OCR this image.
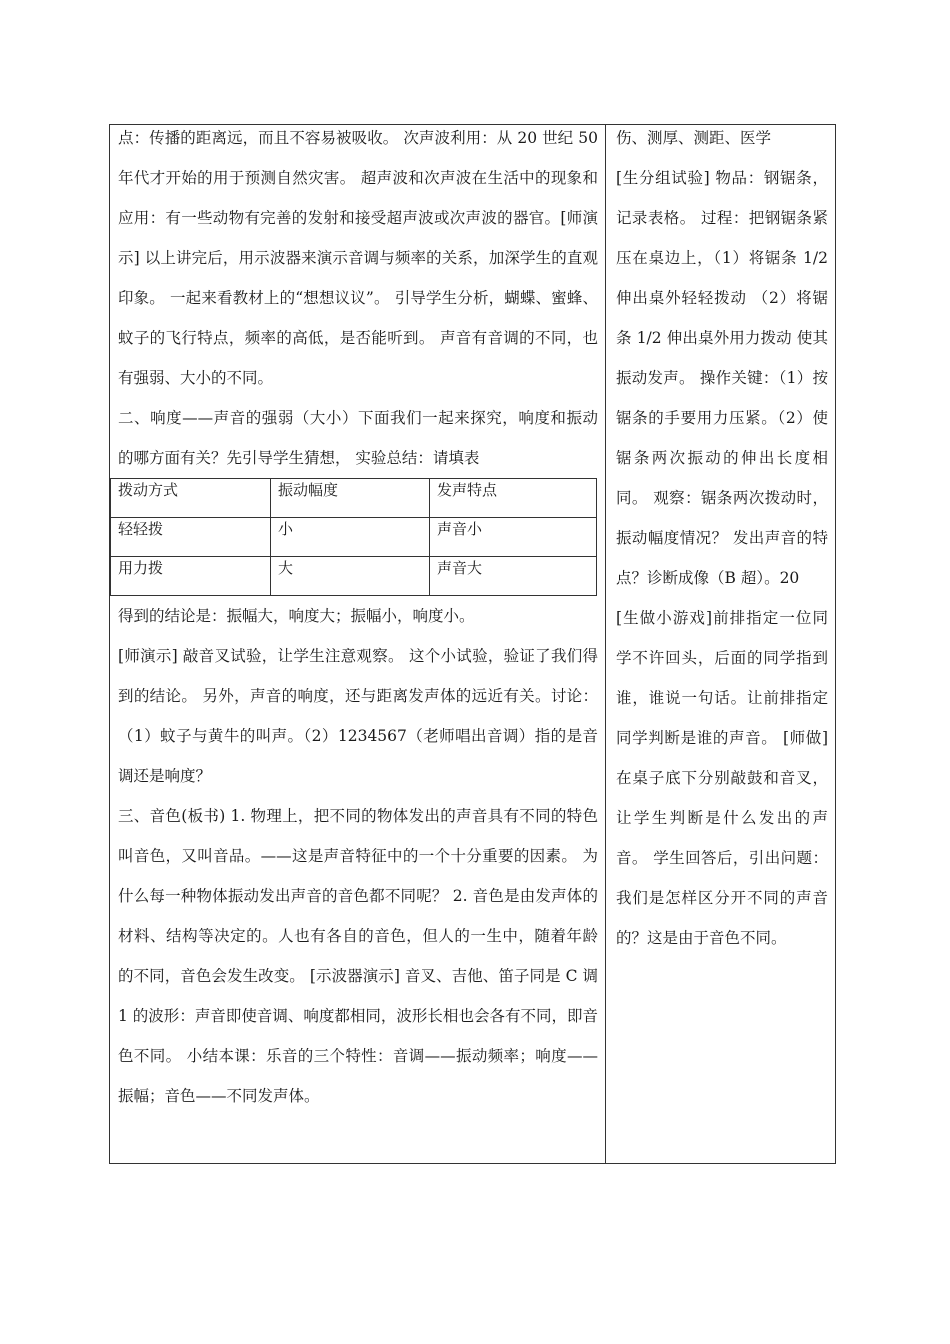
点：传播的距离远，而且不容易被吸收。 次声波利用：从 20 世纪 50 年代才开始的用于预测自然灾害。 超声波和次声波在生活中的现象和应用：有一些动物有完善的发射和接受超声波或次声波的器官。[师演示] 以上讲完后，用示波器来演示音调与频率的关系，加深学生的直观印象。 一起来看教材上的“想想议议”。 引导学生分析，蝴蝶、蜜蜂、蚊子的飞行特点，频率的高低，是否能听到。 声音有音调的不同，也有强弱、大小的不同。

二、响度——声音的强弱（大小）下面我们一起来探究，响度和振动的哪方面有关？先引导学生猜想， 实验总结：请填表

拨动方式	振动幅度	发声特点
轻轻拨	小	声音小
用力拨	大	声音大

得到的结论是：振幅大，响度大；振幅小，响度小。

[师演示] 敲音叉试验，让学生注意观察。 这个小试验，验证了我们得到的结论。 另外，声音的响度，还与距离发声体的远近有关。讨论：（1）蚊子与黄牛的叫声。（2）1234567（老师唱出音调）指的是音调还是响度？

三、音色(板书) 1. 物理上，把不同的物体发出的声音具有不同的特色叫音色，又叫音品。——这是声音特征中的一个十分重要的因素。 为什么每一种物体振动发出声音的音色都不同呢？ 2. 音色是由发声体的材料、结构等决定的。人也有各自的音色，但人的一生中，随着年龄的不同，音色会发生改变。 [示波器演示] 音叉、吉他、笛子同是 C 调 1 的波形：声音即使音调、响度都相同，波形长相也会各有不同，即音色不同。 小结本课：乐音的三个特性：音调——振动频率；响度——振幅；音色——不同发声体。

伤、测厚、测距、医学

[生分组试验] 物品：钢锯条，记录表格。 过程：把钢锯条紧压在桌边上，（1）将锯条 1/2 伸出桌外轻轻拨动 （2）将锯条 1/2 伸出桌外用力拨动 使其振动发声。 操作关键：（1）按锯条的手要用力压紧。（2）使锯条两次振动的伸出长度相同。 观察：锯条两次拨动时，振动幅度情况？ 发出声音的特点？诊断成像（B 超）。20

[生做小游戏]前排指定一位同学不许回头，后面的同学指到谁，谁说一句话。让前排指定同学判断是谁的声音。 [师做]在桌子底下分别敲鼓和音叉，让学生判断是什么发出的声音。 学生回答后，引出问题：我们是怎样区分开不同的声音的？这是由于音色不同。
